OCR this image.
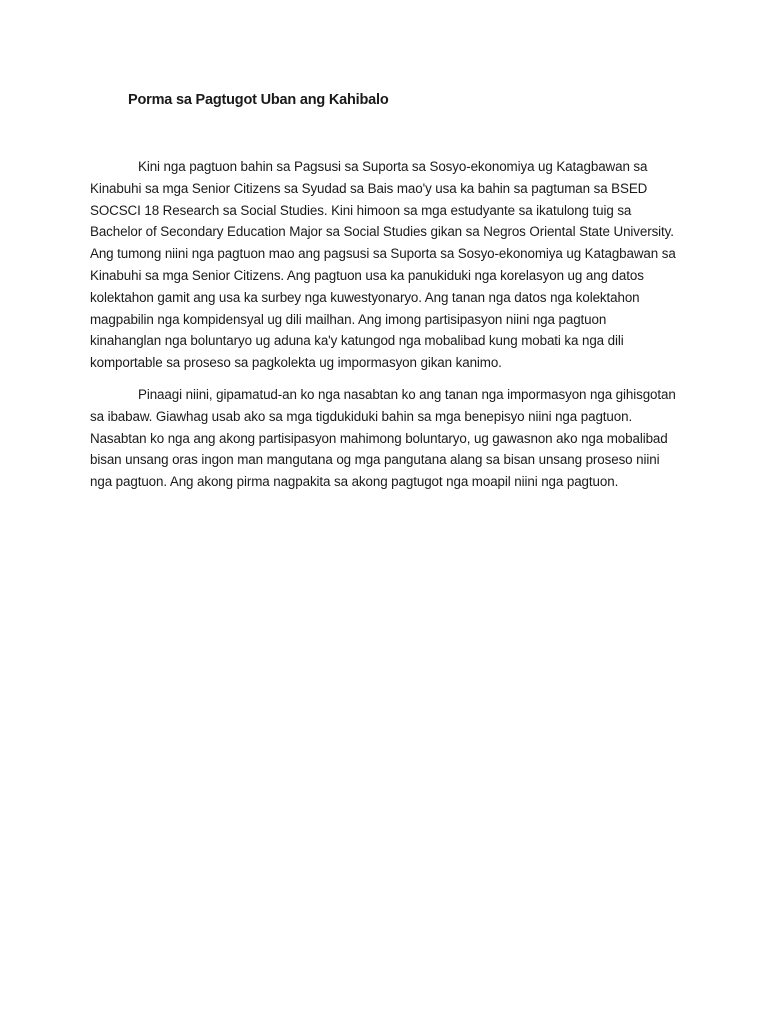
Porma sa Pagtugot Uban ang Kahibalo

Kini nga pagtuon bahin sa Pagsusi sa Suporta sa Sosyo-ekonomiya ug Katagbawan sa Kinabuhi sa mga Senior Citizens sa Syudad sa Bais mao'y usa ka bahin sa pagtuman sa BSED SOCSCI 18 Research sa Social Studies. Kini himoon sa mga estudyante sa ikatulong tuig sa Bachelor of Secondary Education Major sa Social Studies gikan sa Negros Oriental State University. Ang tumong niini nga pagtuon mao ang pagsusi sa Suporta sa Sosyo-ekonomiya ug Katagbawan sa Kinabuhi sa mga Senior Citizens. Ang pagtuon usa ka panukiduki nga korelasyon ug ang datos kolektahon gamit ang usa ka surbey nga kuwestyonaryo. Ang tanan nga datos nga kolektahon magpabilin nga kompidensyal ug dili mailhan. Ang imong partisipasyon niini nga pagtuon kinahanglan nga boluntaryo ug aduna ka'y katungod nga mobalibad kung mobati ka nga dili komportable sa proseso sa pagkolekta ug impormasyon gikan kanimo.

Pinaagi niini, gipamatud-an ko nga nasabtan ko ang tanan nga impormasyon nga gihisgotan sa ibabaw. Giawhag usab ako sa mga tigdukiduki bahin sa mga benepisyo niini nga pagtuon. Nasabtan ko nga ang akong partisipasyon mahimong boluntaryo, ug gawasnon ako nga mobalibad bisan unsang oras ingon man mangutana og mga pangutana alang sa bisan unsang proseso niini nga pagtuon. Ang akong pirma nagpakita sa akong pagtugot nga moapil niini nga pagtuon.
